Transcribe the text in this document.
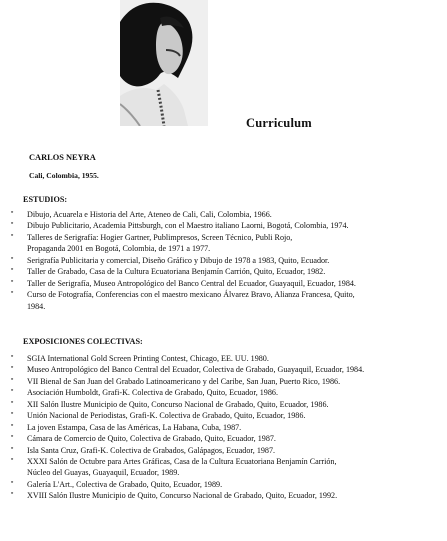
Curriculum
CARLOS NEYRA
Cali, Colombia, 1955.
ESTUDIOS:
º Dibujo, Acuarela e Historia del Arte, Ateneo de Cali, Cali, Colombia, 1966.
º Dibujo Publicitario, Academia Pittsburgh, con el Maestro italiano Laorni, Bogotá, Colombia, 1974.
º Talleres de Serigrafía: Hogier Gartner, Publimpresos, Screen Técnico, Publi Rojo,
Propaganda 2001 en Bogotá, Colombia, de 1971 a 1977.
º Serigrafía Publicitaria y comercial, Diseño Gráfico y Dibujo de 1978 a 1983, Quito, Ecuador.
º Taller de Grabado, Casa de la Cultura Ecuatoriana Benjamín Carrión, Quito, Ecuador, 1982.
º Taller de Serigrafía, Museo Antropológico del Banco Central del Ecuador, Guayaquil, Ecuador, 1984.
º Curso de Fotografía, Conferencias con el maestro mexicano Álvarez Bravo, Alianza Francesa, Quito,
1984.
EXPOSICIONES COLECTIVAS:
º SGIA International Gold Screen Printing Contest, Chicago, EE. UU. 1980.
º Museo Antropológico del Banco Central del Ecuador, Colectiva de Grabado, Guayaquil, Ecuador, 1984.
º VII Bienal de San Juan del Grabado Latinoamericano y del Caribe, San Juan, Puerto Rico, 1986.
º Asociación Humboldt, Grafi-K. Colectiva de Grabado, Quito, Ecuador, 1986.
º XII Salón Ilustre Municipio de Quito, Concurso Nacional de Grabado, Quito, Ecuador, 1986.
º Unión Nacional de Periodistas, Grafi-K. Colectiva de Grabado, Quito, Ecuador, 1986.
º La joven Estampa, Casa de las Américas, La Habana, Cuba, 1987.
º Cámara de Comercio de Quito, Colectiva de Grabado, Quito, Ecuador, 1987.
º Isla Santa Cruz, Grafi-K. Colectiva de Grabados, Galápagos, Ecuador, 1987.
º XXXI Salón de Octubre para Artes Gráficas, Casa de la Cultura Ecuatoriana Benjamín Carrión,
Núcleo del Guayas, Guayaquil, Ecuador, 1989.
º Galería L'Art., Colectiva de Grabado, Quito, Ecuador, 1989.
º XVIII Salón Ilustre Municipio de Quito, Concurso Nacional de Grabado, Quito, Ecuador, 1992.
